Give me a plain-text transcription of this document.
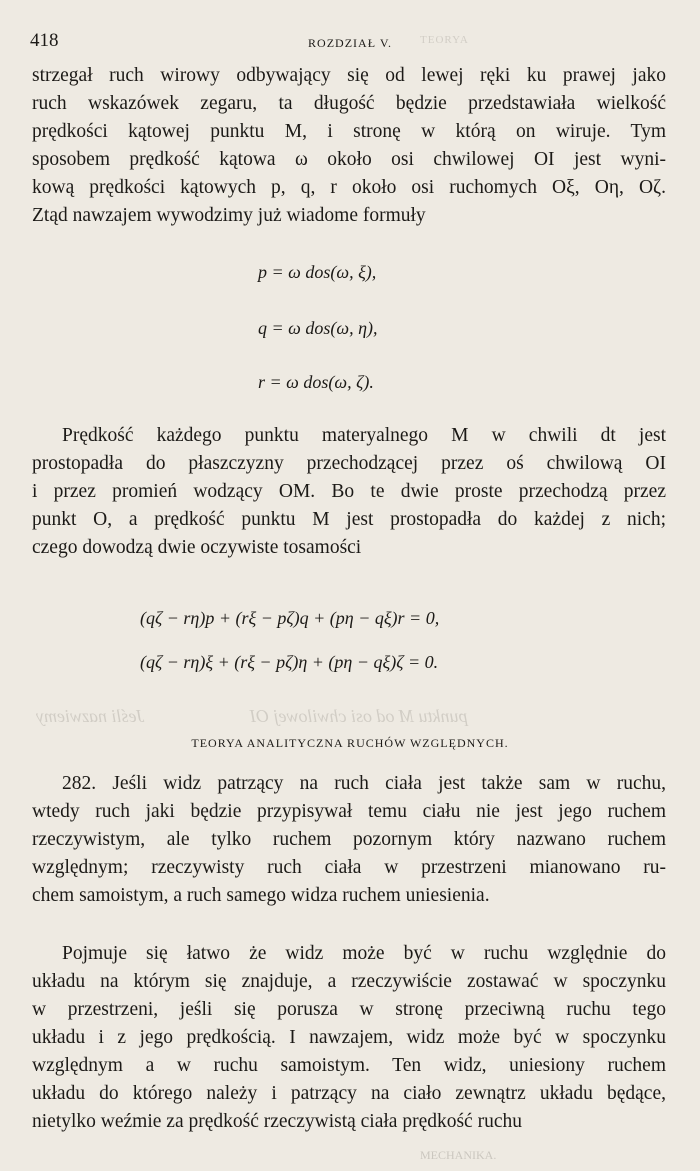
TEORYA
Jeśli nazwiemy	punktu M od osi chwilowej OI
MECHANIKA.
418	ROZDZIAŁ V.
strzegał ruch wirowy odbywający się od lewej ręki ku prawej jako
ruch wskazówek zegaru, ta długość będzie przedstawiała wielkość
prędkości kątowej punktu M, i stronę w którą on wiruje. Tym
sposobem prędkość kątowa ω około osi chwilowej OI jest wyni-
kową prędkości kątowych p, q, r około osi ruchomych Oξ, Oη, Oζ.
Ztąd nawzajem wywodzimy już wiadome formuły
p = ω dos(ω, ξ),
q = ω dos(ω, η),
r = ω dos(ω, ζ).
Prędkość każdego punktu materyalnego M w chwili dt jest
prostopadła do płaszczyzny przechodzącej przez oś chwilową OI
i przez promień wodzący OM. Bo te dwie proste przechodzą przez
punkt O, a prędkość punktu M jest prostopadła do każdej z nich;
czego dowodzą dwie oczywiste tosamości
(qζ − rη)p + (rξ − pζ)q + (pη − qξ)r = 0,
(qζ − rη)ξ + (rξ − pζ)η + (pη − qξ)ζ = 0.
TEORYA ANALITYCZNA RUCHÓW WZGLĘDNYCH.
282. Jeśli widz patrzący na ruch ciała jest także sam w ruchu,
wtedy ruch jaki będzie przypisywał temu ciału nie jest jego ruchem
rzeczywistym, ale tylko ruchem pozornym który nazwano ruchem
względnym; rzeczywisty ruch ciała w przestrzeni mianowano ru-
chem samoistym, a ruch samego widza ruchem uniesienia.
Pojmuje się łatwo że widz może być w ruchu względnie do
układu na którym się znajduje, a rzeczywiście zostawać w spoczynku
w przestrzeni, jeśli się porusza w stronę przeciwną ruchu tego
układu i z jego prędkością. I nawzajem, widz może być w spoczynku
względnym a w ruchu samoistym. Ten widz, uniesiony ruchem
układu do którego należy i patrzący na ciało zewnątrz układu będące,
nietylko weźmie za prędkość rzeczywistą ciała prędkość ruchu
